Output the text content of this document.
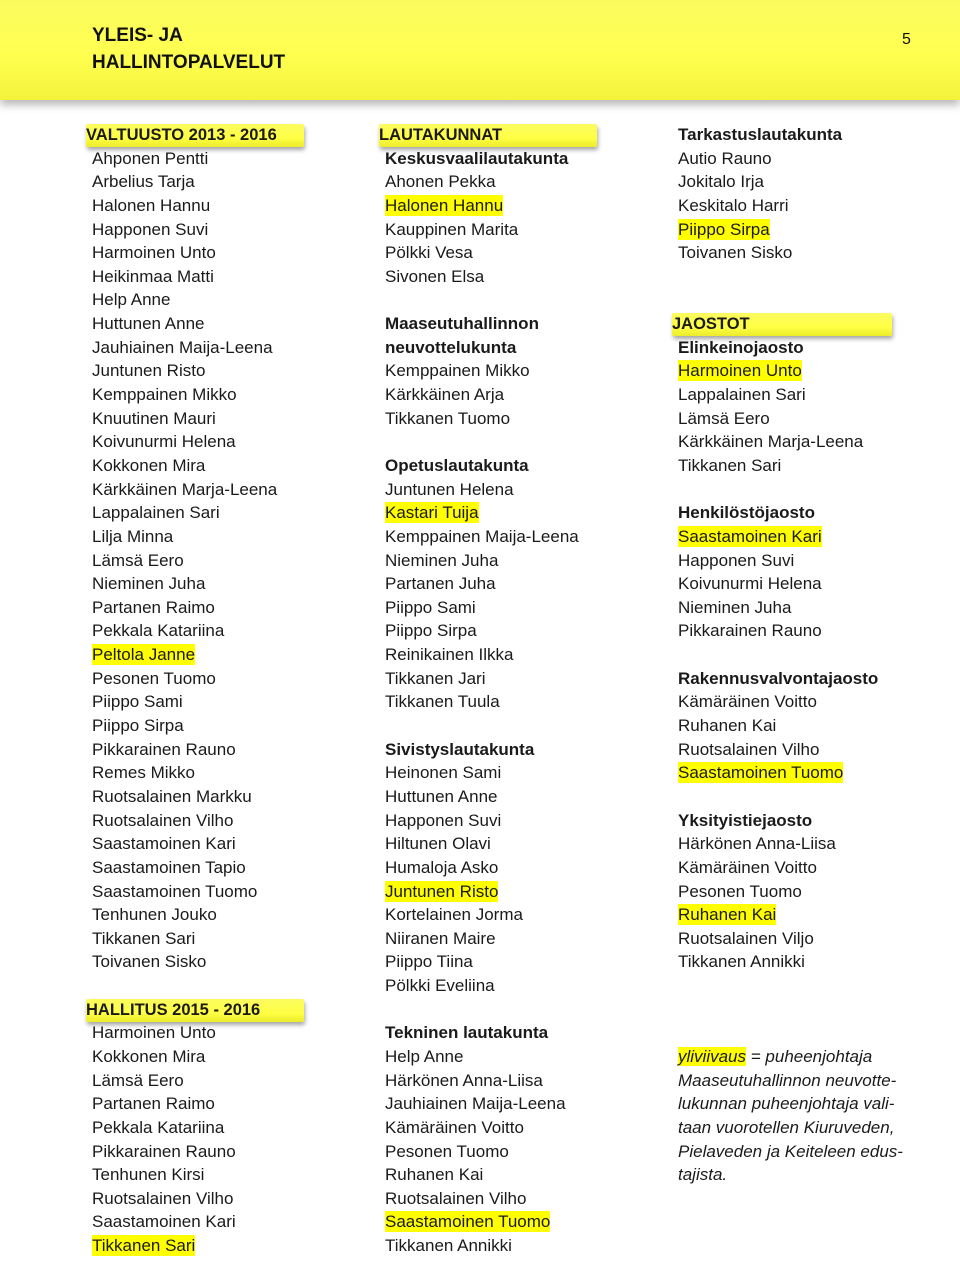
YLEIS- JA
HALLINTOPALVELUT
5
VALTUUSTO 2013 - 2016
Ahponen Pentti
Arbelius Tarja
Halonen Hannu
Happonen Suvi
Harmoinen Unto
Heikinmaa Matti
Help Anne
Huttunen Anne
Jauhiainen Maija-Leena
Juntunen Risto
Kemppainen Mikko
Knuutinen Mauri
Koivunurmi Helena
Kokkonen Mira
Kärkkäinen Marja-Leena
Lappalainen Sari
Lilja Minna
Lämsä Eero
Nieminen Juha
Partanen Raimo
Pekkala Katariina
Peltola Janne
Pesonen Tuomo
Piippo Sami
Piippo Sirpa
Pikkarainen Rauno
Remes Mikko
Ruotsalainen Markku
Ruotsalainen Vilho
Saastamoinen Kari
Saastamoinen Tapio
Saastamoinen Tuomo
Tenhunen Jouko
Tikkanen Sari
Toivanen Sisko
HALLITUS 2015 - 2016
Harmoinen Unto
Kokkonen Mira
Lämsä Eero
Partanen Raimo
Pekkala Katariina
Pikkarainen Rauno
Tenhunen Kirsi
Ruotsalainen Vilho
Saastamoinen Kari
Tikkanen Sari
LAUTAKUNNAT
Keskusvaalilautakunta
Ahonen Pekka
Halonen Hannu
Kauppinen Marita
Pölkki Vesa
Sivonen Elsa
Maaseutuhallinnon
neuvottelukunta
Kemppainen Mikko
Kärkkäinen Arja
Tikkanen Tuomo
Opetuslautakunta
Juntunen Helena
Kastari Tuija
Kemppainen Maija-Leena
Nieminen Juha
Partanen Juha
Piippo Sami
Piippo Sirpa
Reinikainen Ilkka
Tikkanen Jari
Tikkanen Tuula
Sivistyslautakunta
Heinonen Sami
Huttunen Anne
Happonen Suvi
Hiltunen Olavi
Humaloja Asko
Juntunen Risto
Kortelainen Jorma
Niiranen Maire
Piippo Tiina
Pölkki Eveliina
Tekninen lautakunta
Help Anne
Härkönen Anna-Liisa
Jauhiainen Maija-Leena
Kämäräinen Voitto
Pesonen Tuomo
Ruhanen Kai
Ruotsalainen Vilho
Saastamoinen Tuomo
Tikkanen Annikki
Tarkastuslautakunta
Autio Rauno
Jokitalo Irja
Keskitalo Harri
Piippo Sirpa
Toivanen Sisko
JAOSTOT
Elinkeinojaosto
Harmoinen Unto
Lappalainen Sari
Lämsä Eero
Kärkkäinen Marja-Leena
Tikkanen Sari
Henkilöstöjaosto
Saastamoinen Kari
Happonen Suvi
Koivunurmi Helena
Nieminen Juha
Pikkarainen Rauno
Rakennusvalvontajaosto
Kämäräinen Voitto
Ruhanen Kai
Ruotsalainen Vilho
Saastamoinen Tuomo
Yksityistiejaosto
Härkönen Anna-Liisa
Kämäräinen Voitto
Pesonen Tuomo
Ruhanen Kai
Ruotsalainen Viljo
Tikkanen Annikki
yliviivaus = puheenjohtaja
Maaseutuhallinnon neuvotte-
lukunnan puheenjohtaja vali-
taan vuorotellen Kiuruveden,
Pielaveden ja Keiteleen edus-
tajista.
